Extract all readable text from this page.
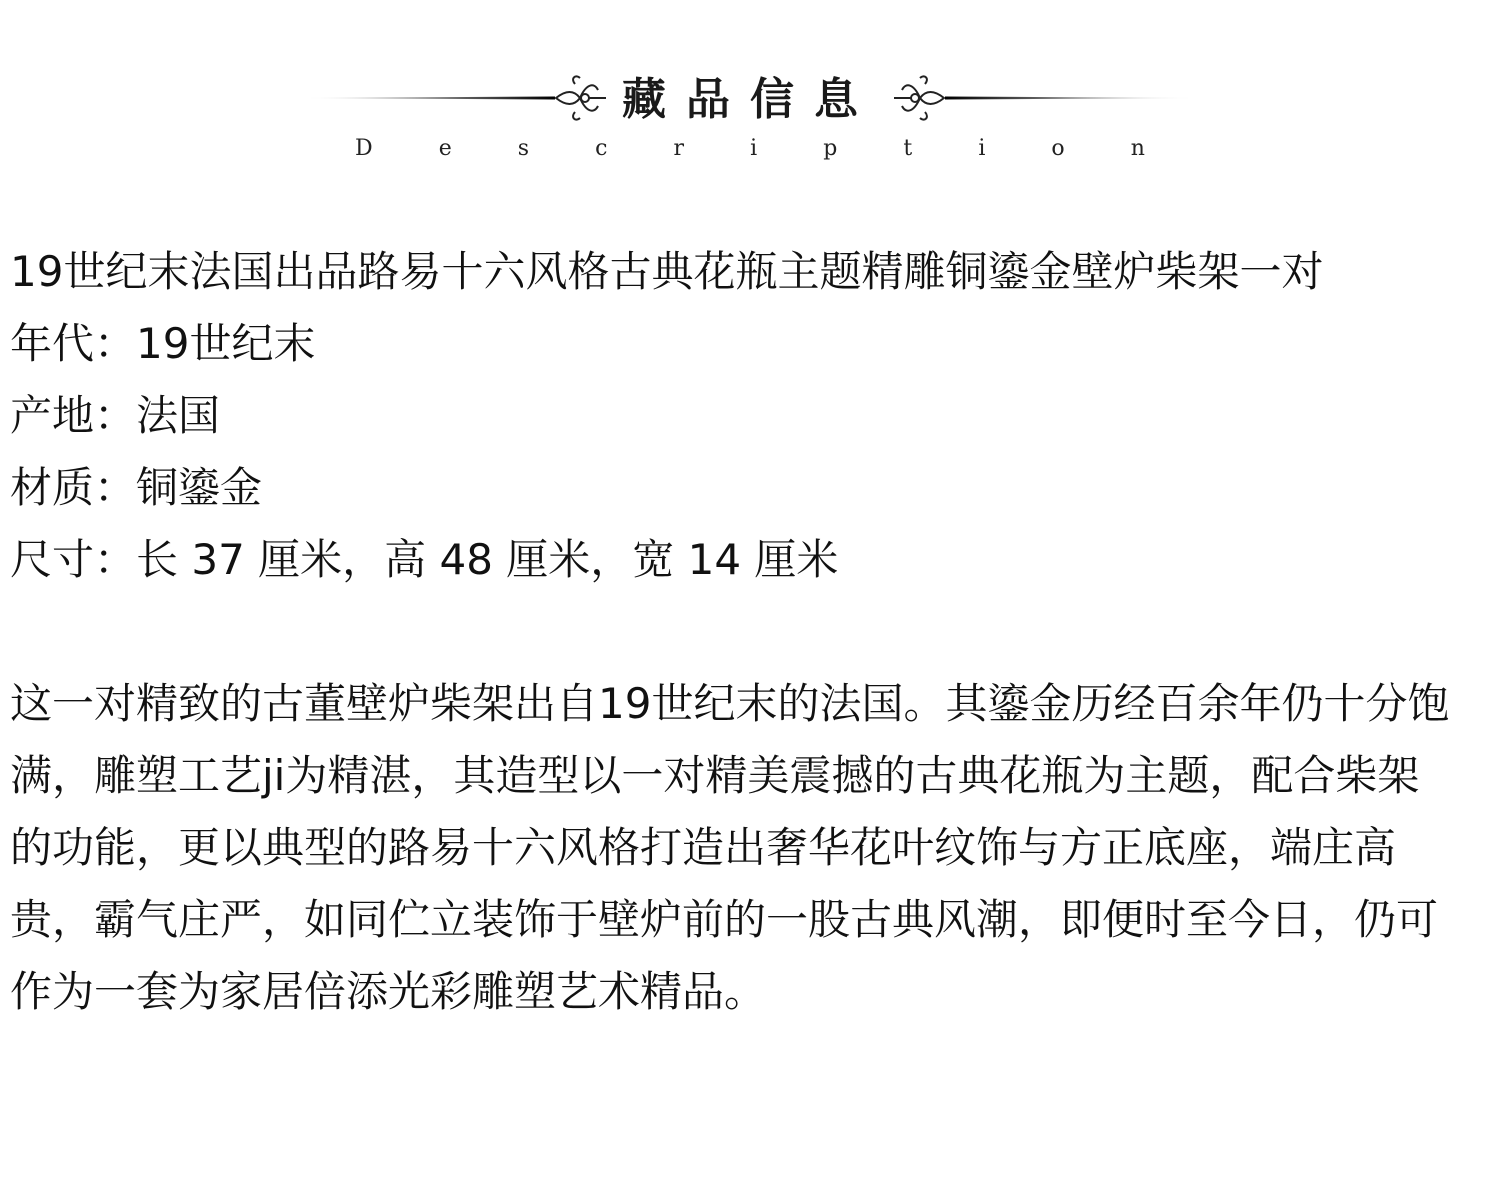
藏品信息
D	e	s	c	r	i	p	t	i	o	n
19世纪末法国出品路易十六风格古典花瓶主题精雕铜鎏金壁炉柴架一对
年代：19世纪末
产地：法国
材质：铜鎏金
尺寸：长 37 厘米，高 48 厘米，宽 14 厘米
这一对精致的古董壁炉柴架出自19世纪末的法国。其鎏金历经百余年仍十分饱满，雕塑工艺ji为精湛，其造型以一对精美震撼的古典花瓶为主题，配合柴架的功能，更以典型的路易十六风格打造出奢华花叶纹饰与方正底座，端庄高贵，霸气庄严，如同伫立装饰于壁炉前的一股古典风潮，即便时至今日，仍可作为一套为家居倍添光彩雕塑艺术精品。
